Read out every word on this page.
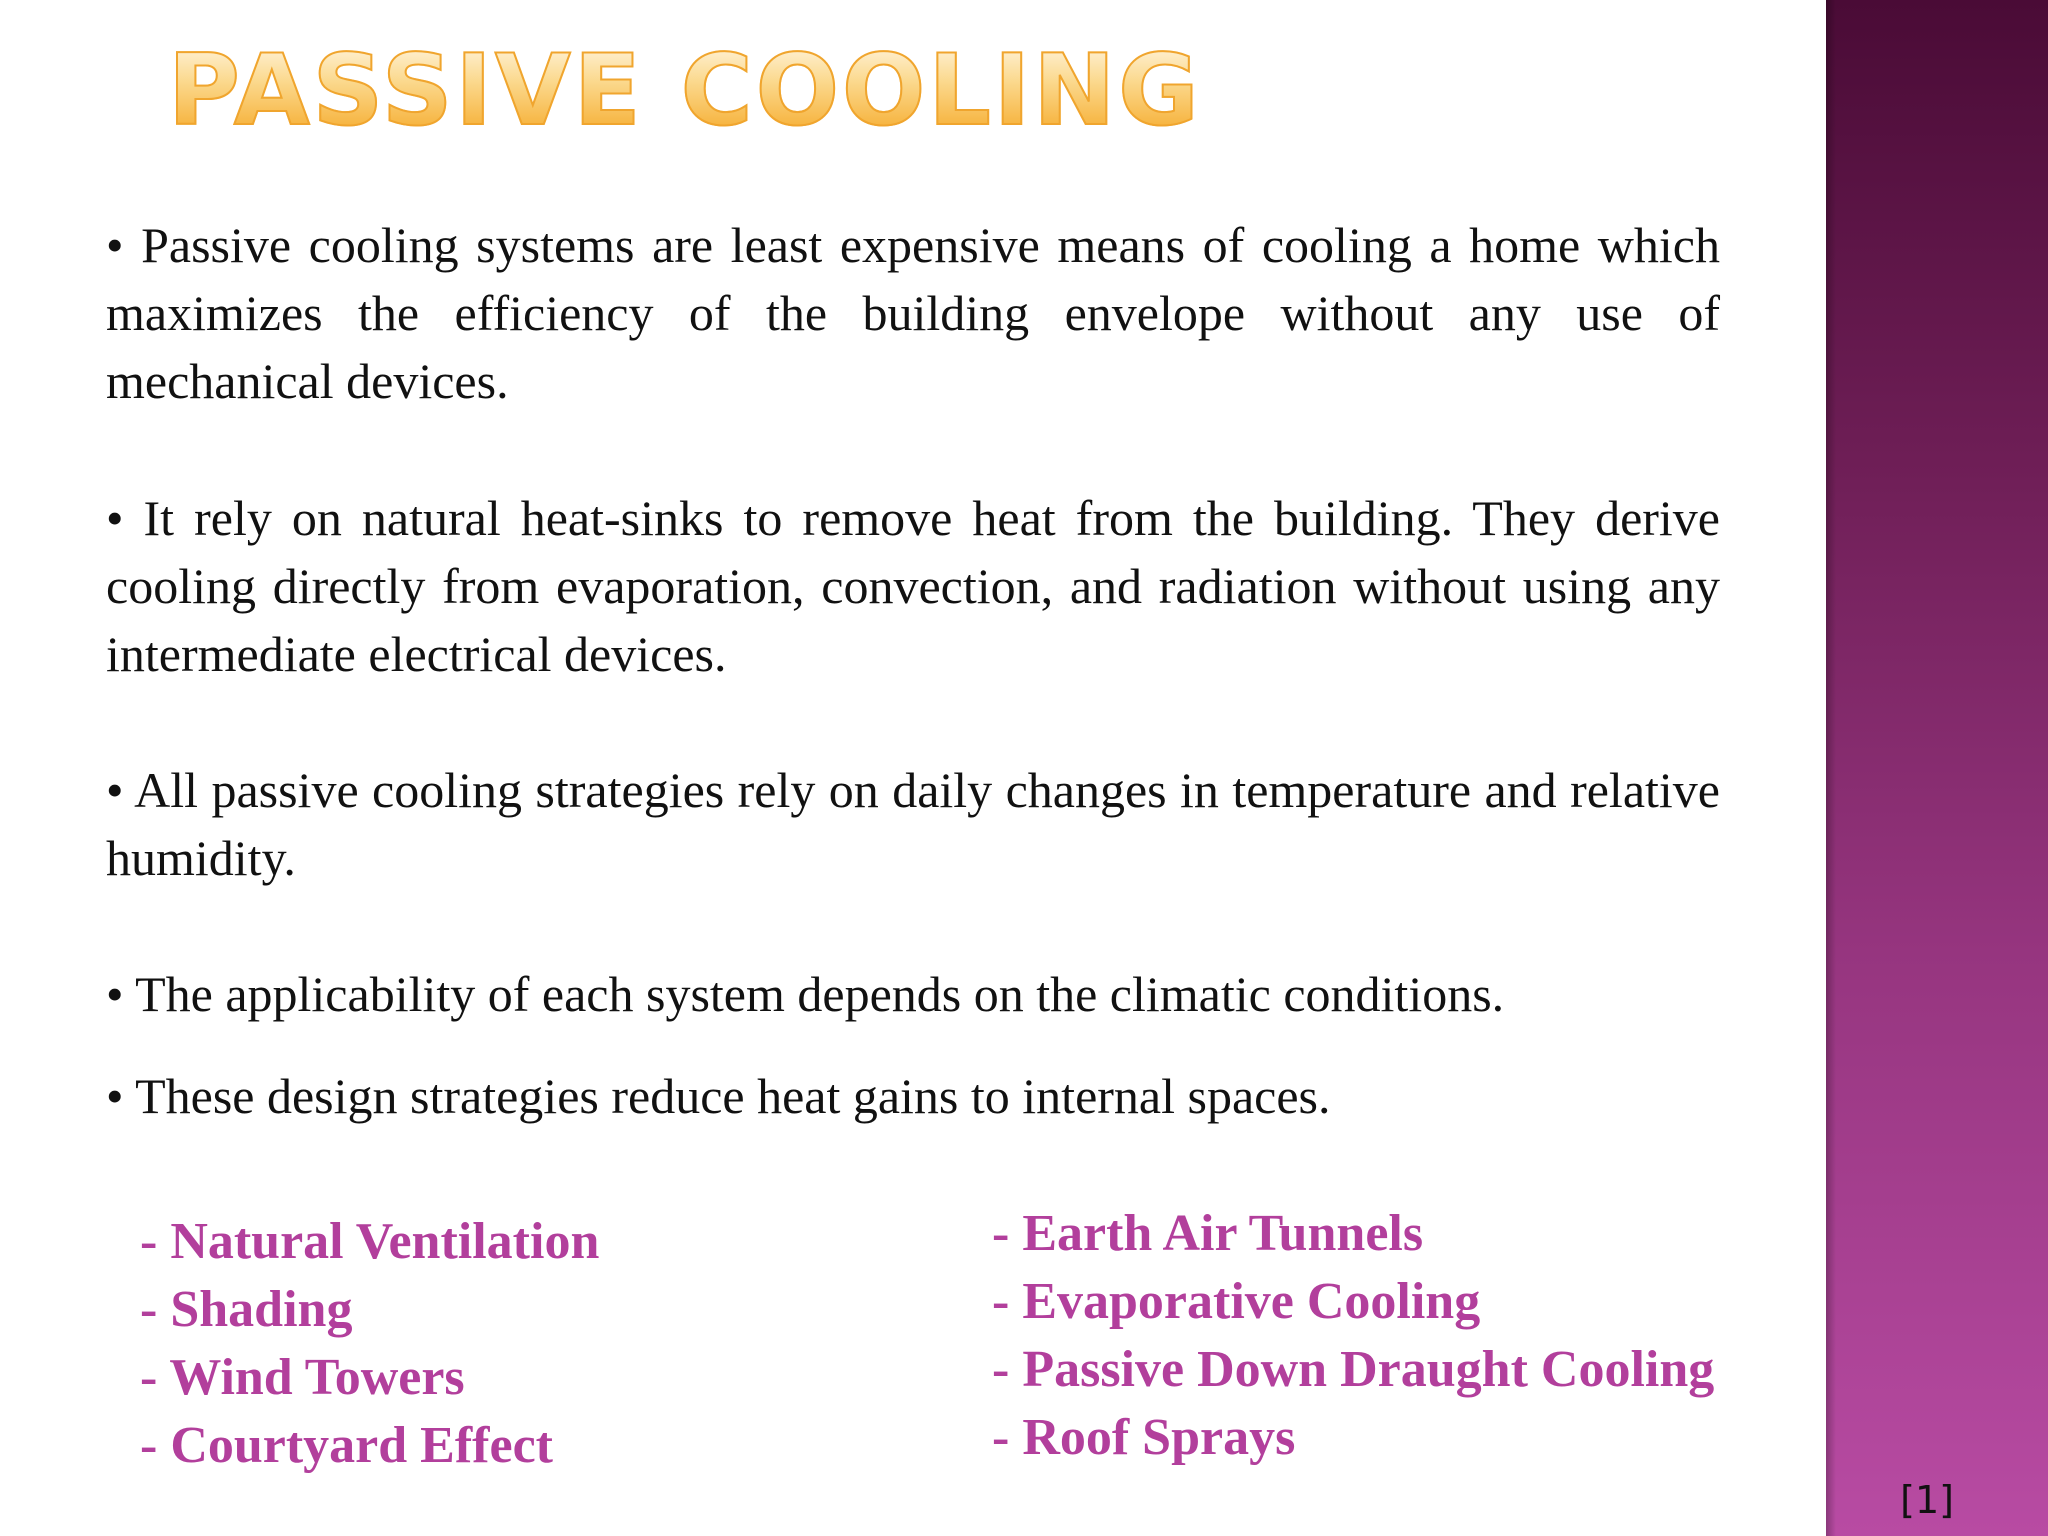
PASSIVE COOLING
• Passive cooling systems are least expensive means of cooling a home which    maximizes the efficiency of the building envelope without any use of mechanical devices.
• It rely on natural heat-sinks to remove heat from the building. They derive cooling directly from evaporation, convection, and radiation without using any intermediate electrical devices.
• All passive cooling strategies rely on daily changes in temperature and relative humidity.
• The applicability of each system depends on the climatic conditions.
• These design strategies reduce heat gains to internal spaces.
- Natural Ventilation
- Shading
- Wind Towers
- Courtyard Effect
- Earth Air Tunnels
- Evaporative Cooling
- Passive Down Draught Cooling
- Roof Sprays
[1]
